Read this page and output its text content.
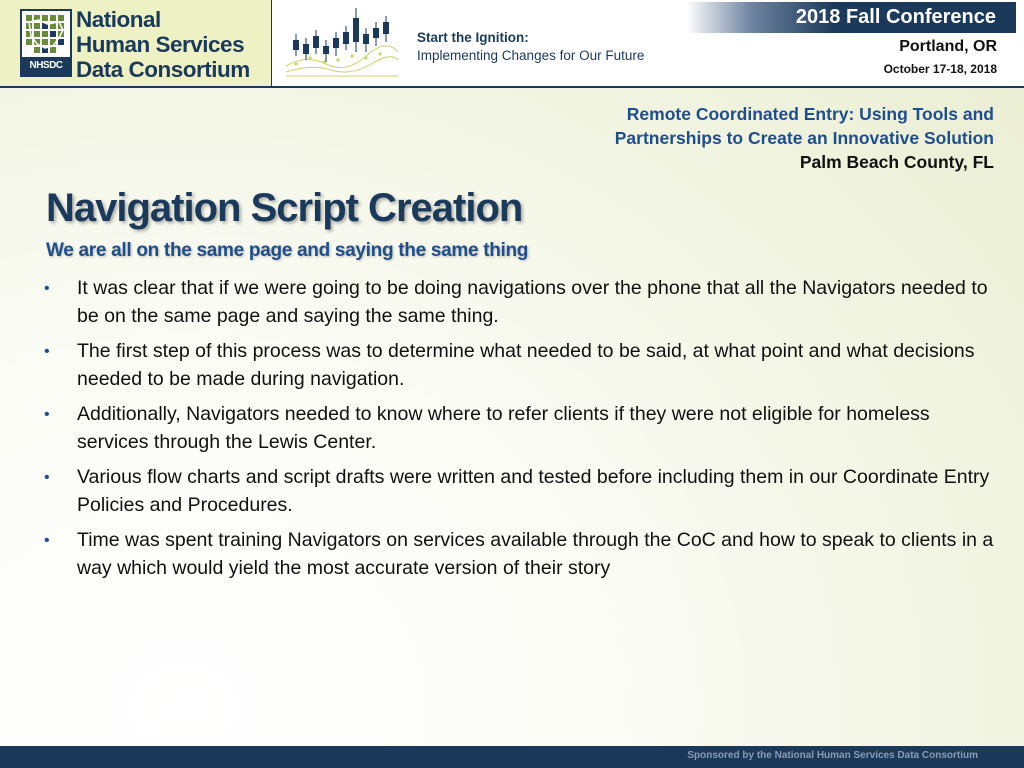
NHSDC
National
Human Services
Data Consortium
Start the Ignition:
Implementing Changes for Our Future
2018 Fall Conference
Portland, OR
October 17-18, 2018
Remote Coordinated Entry: Using Tools and
Partnerships to Create an Innovative Solution
Palm Beach County, FL
Navigation Script Creation
We are all on the same page and saying the same thing
• It was clear that if we were going to be doing navigations over the phone that all the Navigators needed to be on the same page and saying the same thing.
• The first step of this process was to determine what needed to be said, at what point and what decisions needed to be made during navigation.
• Additionally, Navigators needed to know where to refer clients if they were not eligible for homeless services through the Lewis Center.
• Various flow charts and script drafts were written and tested before including them in our Coordinate Entry Policies and Procedures.
• Time was spent training Navigators on services available through the CoC and how to speak to clients in a way which would yield the most accurate version of their story
Sponsored by the National Human Services Data Consortium
